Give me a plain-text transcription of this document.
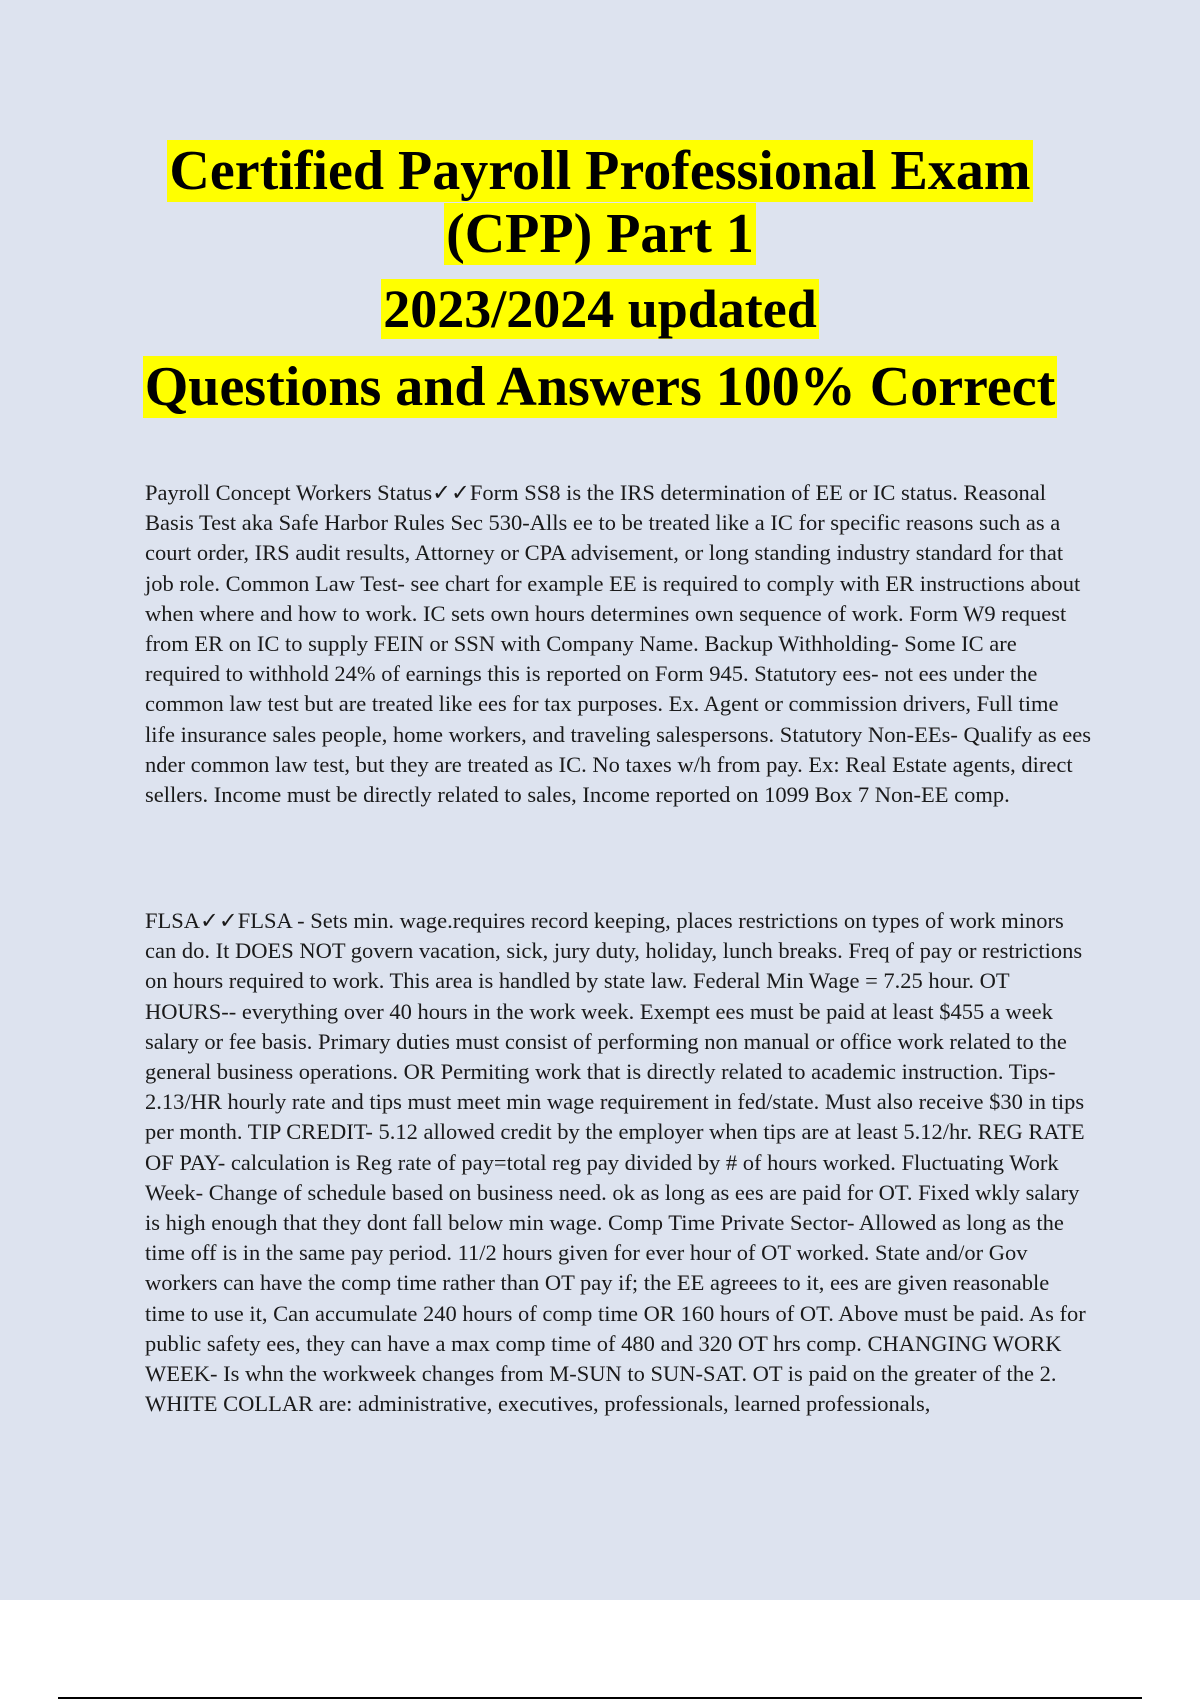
Certified Payroll Professional Exam
(CPP) Part 1
2023/2024 updated
Questions and Answers 100% Correct

Payroll Concept Workers Status✓✓Form SS8 is the IRS determination of EE or IC status. Reasonal Basis Test aka Safe Harbor Rules Sec 530-Alls ee to be treated like a IC for specific reasons such as a court order, IRS audit results, Attorney or CPA advisement, or long standing industry standard for that job role. Common Law Test- see chart for example EE is required to comply with ER instructions about when where and how to work. IC sets own hours determines own sequence of work. Form W9 request from ER on IC to supply FEIN or SSN with Company Name. Backup Withholding- Some IC are required to withhold 24% of earnings this is reported on Form 945. Statutory ees- not ees under the common law test but are treated like ees for tax purposes. Ex. Agent or commission drivers, Full time life insurance sales people, home workers, and traveling salespersons. Statutory Non-EEs- Qualify as ees nder common law test, but they are treated as IC. No taxes w/h from pay. Ex: Real Estate agents, direct sellers. Income must be directly related to sales, Income reported on 1099 Box 7 Non-EE comp.

FLSA✓✓FLSA - Sets min. wage.requires record keeping, places restrictions on types of work minors can do. It DOES NOT govern vacation, sick, jury duty, holiday, lunch breaks. Freq of pay or restrictions on hours required to work. This area is handled by state law. Federal Min Wage = 7.25 hour. OT HOURS-- everything over 40 hours in the work week. Exempt ees must be paid at least $455 a week salary or fee basis. Primary duties must consist of performing non manual or office work related to the general business operations. OR Permiting work that is directly related to academic instruction. Tips- 2.13/HR hourly rate and tips must meet min wage requirement in fed/state. Must also receive $30 in tips per month. TIP CREDIT- 5.12 allowed credit by the employer when tips are at least 5.12/hr. REG RATE OF PAY- calculation is Reg rate of pay=total reg pay divided by # of hours worked. Fluctuating Work Week- Change of schedule based on business need. ok as long as ees are paid for OT. Fixed wkly salary is high enough that they dont fall below min wage. Comp Time Private Sector- Allowed as long as the time off is in the same pay period. 11/2 hours given for ever hour of OT worked. State and/or Gov workers can have the comp time rather than OT pay if; the EE agreees to it, ees are given reasonable time to use it, Can accumulate 240 hours of comp time OR 160 hours of OT. Above must be paid. As for public safety ees, they can have a max comp time of 480 and 320 OT hrs comp. CHANGING WORK WEEK- Is whn the workweek changes from M-SUN to SUN-SAT. OT is paid on the greater of the 2. WHITE COLLAR are: administrative, executives, professionals, learned professionals,
